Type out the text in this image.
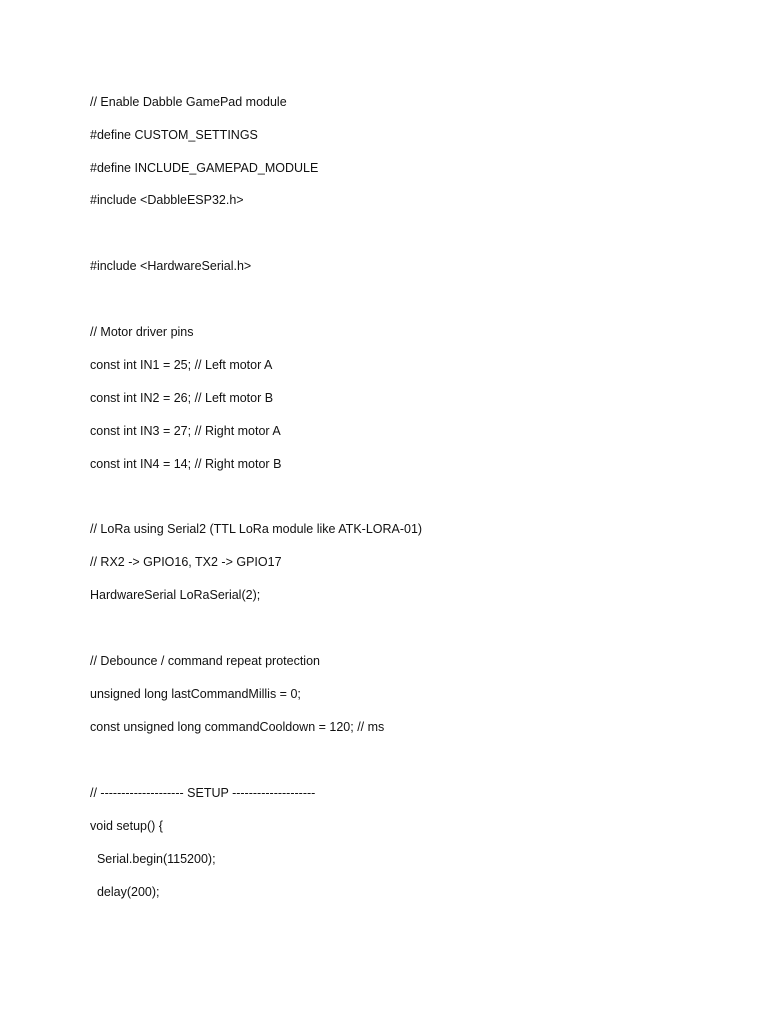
// Enable Dabble GamePad module
#define CUSTOM_SETTINGS
#define INCLUDE_GAMEPAD_MODULE
#include <DabbleESP32.h>
#include <HardwareSerial.h>
// Motor driver pins
const int IN1 = 25; // Left motor A
const int IN2 = 26; // Left motor B
const int IN3 = 27; // Right motor A
const int IN4 = 14; // Right motor B
// LoRa using Serial2 (TTL LoRa module like ATK-LORA-01)
// RX2 -> GPIO16, TX2 -> GPIO17
HardwareSerial LoRaSerial(2);
// Debounce / command repeat protection
unsigned long lastCommandMillis = 0;
const unsigned long commandCooldown = 120; // ms
// -------------------- SETUP --------------------
void setup() {
Serial.begin(115200);
delay(200);
